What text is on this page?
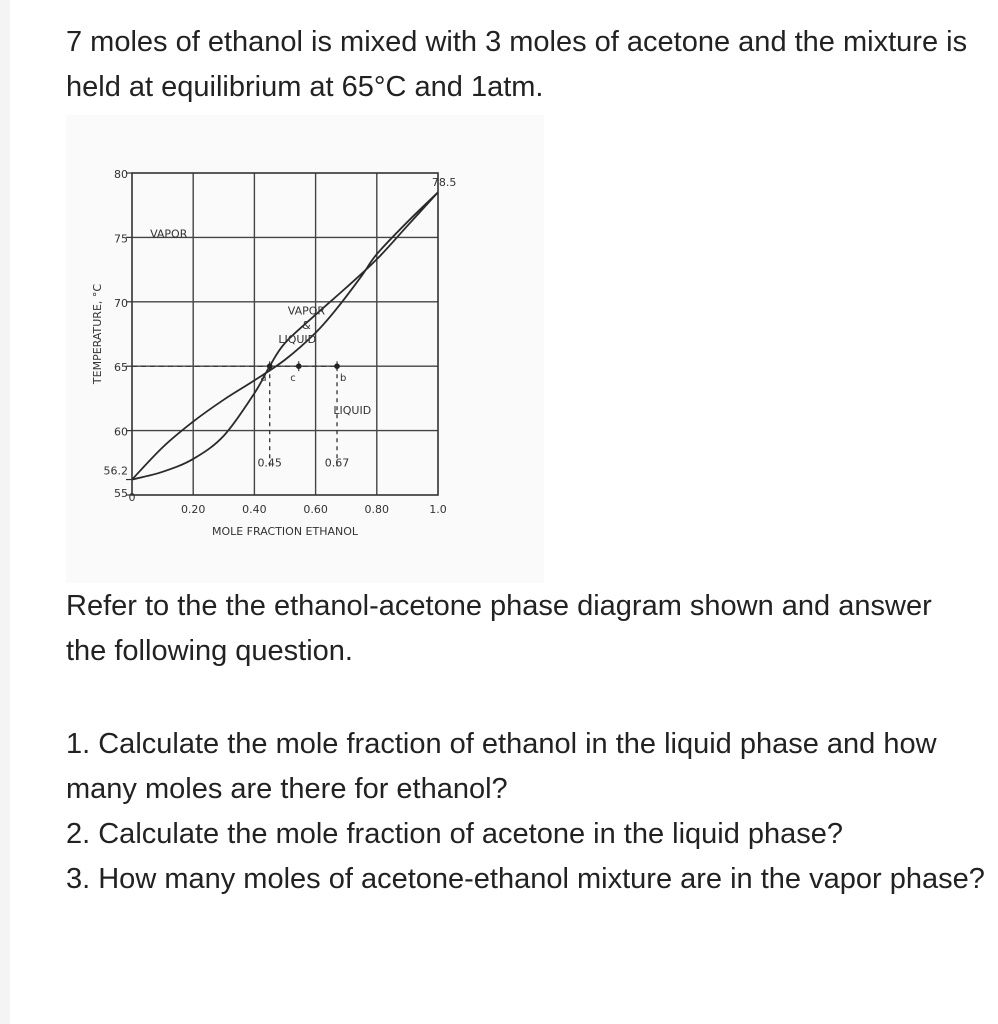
7 moles of ethanol is mixed with 3 moles of acetone and the mixture is held at equilibrium at 65°C and 1atm.

55
56.2
60
65
70
75
80
0
0.20	0.40	0.60	0.80	1.0
MOLE FRACTION ETHANOL
TEMPERATURE, °C	a c	b
VAPOR
VAPOR
&
LIQUID
LIQUID
78.5
0.45	0.67

Refer to the the ethanol-acetone phase diagram shown and answer the following question.

1. Calculate the mole fraction of ethanol in the liquid phase and how many moles are there for ethanol?
2. Calculate the mole fraction of acetone in the liquid phase?
3. How many moles of acetone-ethanol mixture are in the vapor phase?
